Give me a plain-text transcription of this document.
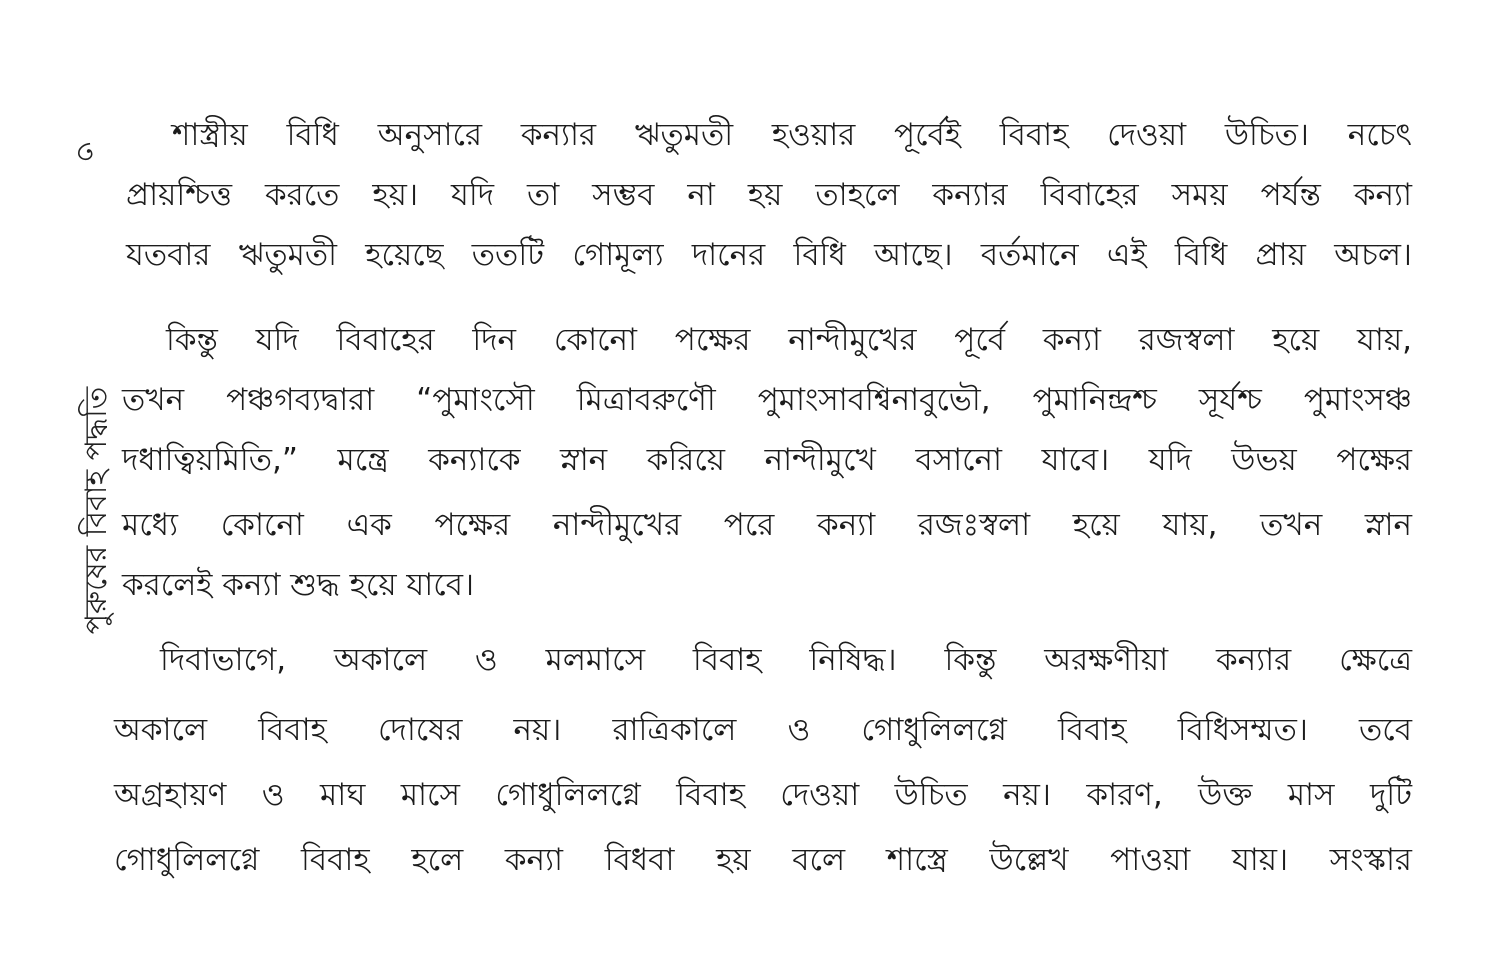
৩
পুরুষের বিবাহ পদ্ধতি
শাস্ত্রীয় বিধি অনুসারে কন্যার ঋতুমতী হওয়ার পূর্বেই বিবাহ দেওয়া উচিত। নচেৎ
প্রায়শ্চিত্ত করতে হয়। যদি তা সম্ভব না হয় তাহলে কন্যার বিবাহের সময় পর্যন্ত কন্যা
যতবার ঋতুমতী হয়েছে ততটি গোমূল্য দানের বিধি আছে। বর্তমানে এই বিধি প্রায় অচল।
কিন্তু যদি বিবাহের দিন কোনো পক্ষের নান্দীমুখের পূর্বে কন্যা রজস্বলা হয়ে যায়,
তখন পঞ্চগব্যদ্বারা “পুমাংসৌ মিত্রাবরুণৌ পুমাংসাবশ্বিনাবুভৌ, পুমানিন্দ্রশ্চ সূর্যশ্চ পুমাংসঞ্চ
দধাত্বিয়মিতি,” মন্ত্রে কন্যাকে স্নান করিয়ে নান্দীমুখে বসানো যাবে। যদি উভয় পক্ষের
মধ্যে কোনো এক পক্ষের নান্দীমুখের পরে কন্যা রজঃস্বলা হয়ে যায়, তখন স্নান
করলেই কন্যা শুদ্ধ হয়ে যাবে।
দিবাভাগে, অকালে ও মলমাসে বিবাহ নিষিদ্ধ। কিন্তু অরক্ষণীয়া কন্যার ক্ষেত্রে
অকালে বিবাহ দোষের নয়। রাত্রিকালে ও গোধুলিলগ্নে বিবাহ বিধিসম্মত। তবে
অগ্রহায়ণ ও মাঘ মাসে গোধুলিলগ্নে বিবাহ দেওয়া উচিত নয়। কারণ, উক্ত মাস দুটি
গোধুলিলগ্নে বিবাহ হলে কন্যা বিধবা হয় বলে শাস্ত্রে উল্লেখ পাওয়া যায়। সংস্কার
